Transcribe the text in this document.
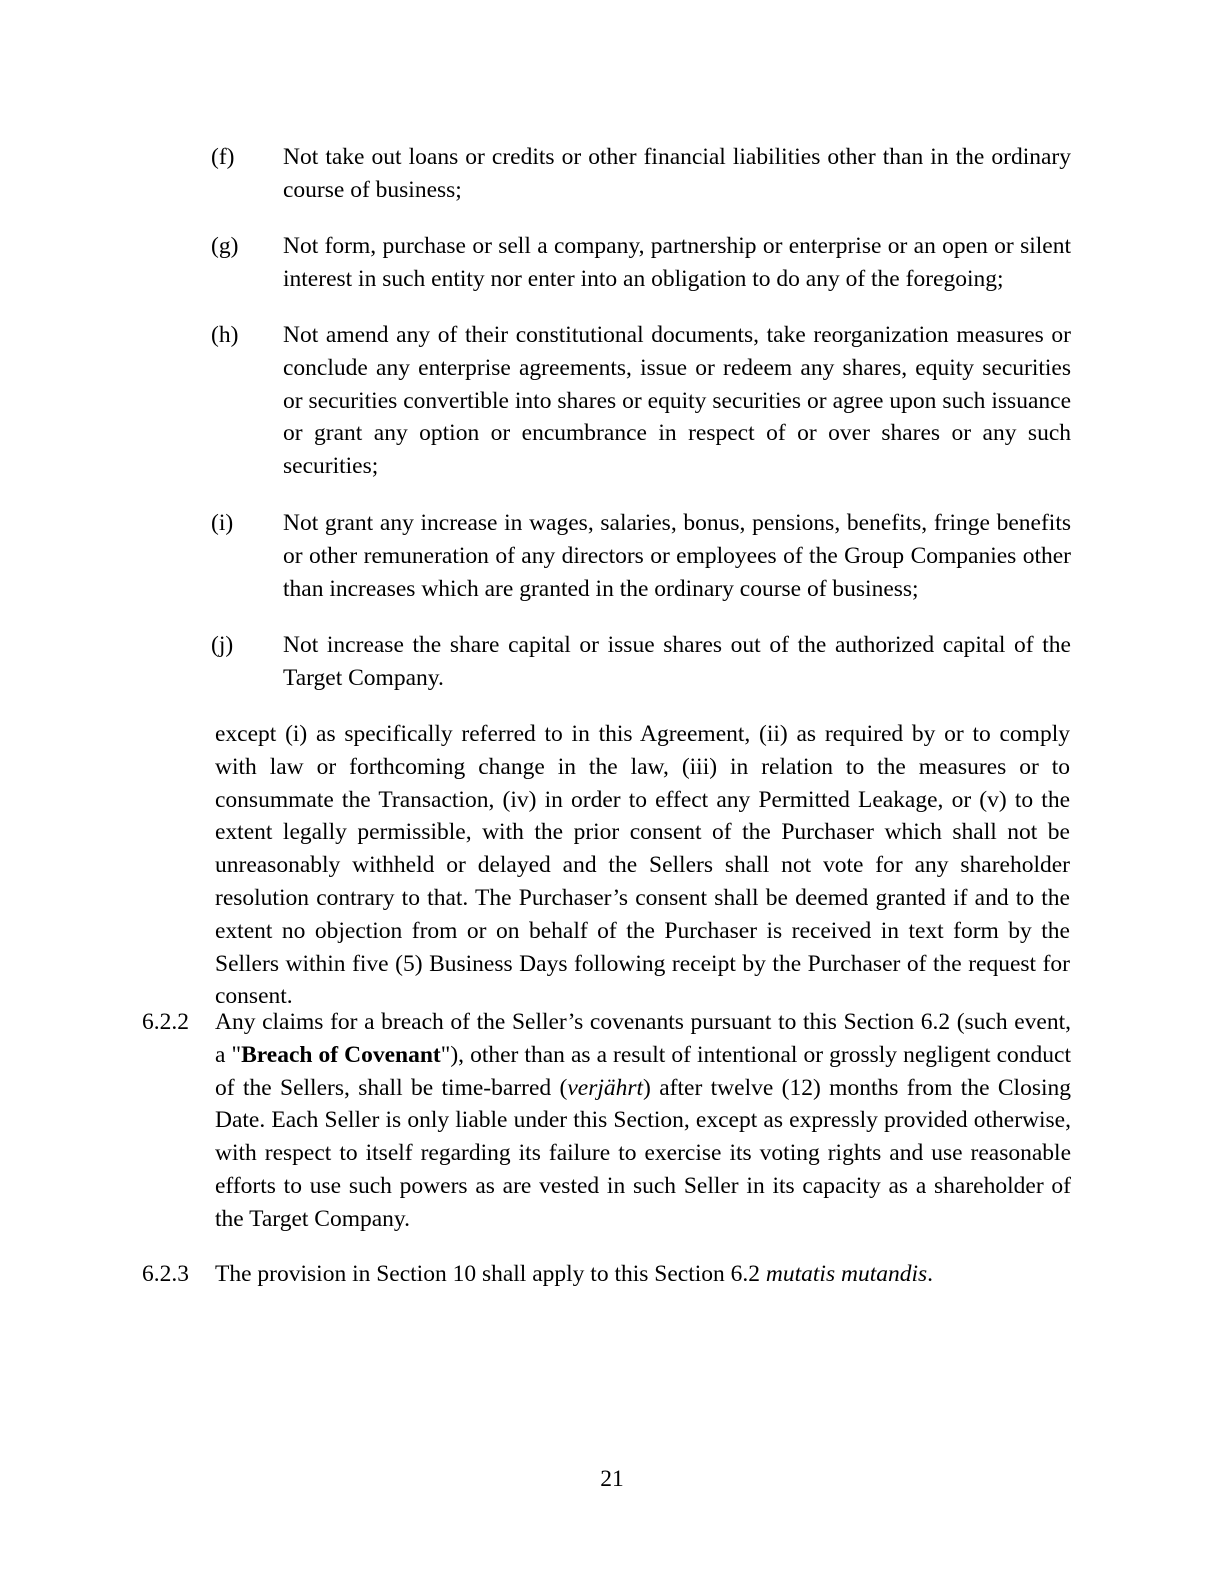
(f) Not take out loans or credits or other financial liabilities other than in the ordinary course of business;
(g) Not form, purchase or sell a company, partnership or enterprise or an open or silent interest in such entity nor enter into an obligation to do any of the foregoing;
(h) Not amend any of their constitutional documents, take reorganization measures or conclude any enterprise agreements, issue or redeem any shares, equity securities or securities convertible into shares or equity securities or agree upon such issuance or grant any option or encumbrance in respect of or over shares or any such securities;
(i) Not grant any increase in wages, salaries, bonus, pensions, benefits, fringe benefits or other remuneration of any directors or employees of the Group Companies other than increases which are granted in the ordinary course of business;
(j) Not increase the share capital or issue shares out of the authorized capital of the Target Company.
except (i) as specifically referred to in this Agreement, (ii) as required by or to comply with law or forthcoming change in the law, (iii) in relation to the measures or to consummate the Transaction, (iv) in order to effect any Permitted Leakage, or (v) to the extent legally permissible, with the prior consent of the Purchaser which shall not be unreasonably withheld or delayed and the Sellers shall not vote for any shareholder resolution contrary to that. The Purchaser’s consent shall be deemed granted if and to the extent no objection from or on behalf of the Purchaser is received in text form by the Sellers within five (5) Business Days following receipt by the Purchaser of the request for consent.
6.2.2 Any claims for a breach of the Seller’s covenants pursuant to this Section 6.2 (such event, a "Breach of Covenant"), other than as a result of intentional or grossly negligent conduct of the Sellers, shall be time-barred (verjährt) after twelve (12) months from the Closing Date. Each Seller is only liable under this Section, except as expressly provided otherwise, with respect to itself regarding its failure to exercise its voting rights and use reasonable efforts to use such powers as are vested in such Seller in its capacity as a shareholder of the Target Company.
6.2.3 The provision in Section 10 shall apply to this Section 6.2 mutatis mutandis.
21
